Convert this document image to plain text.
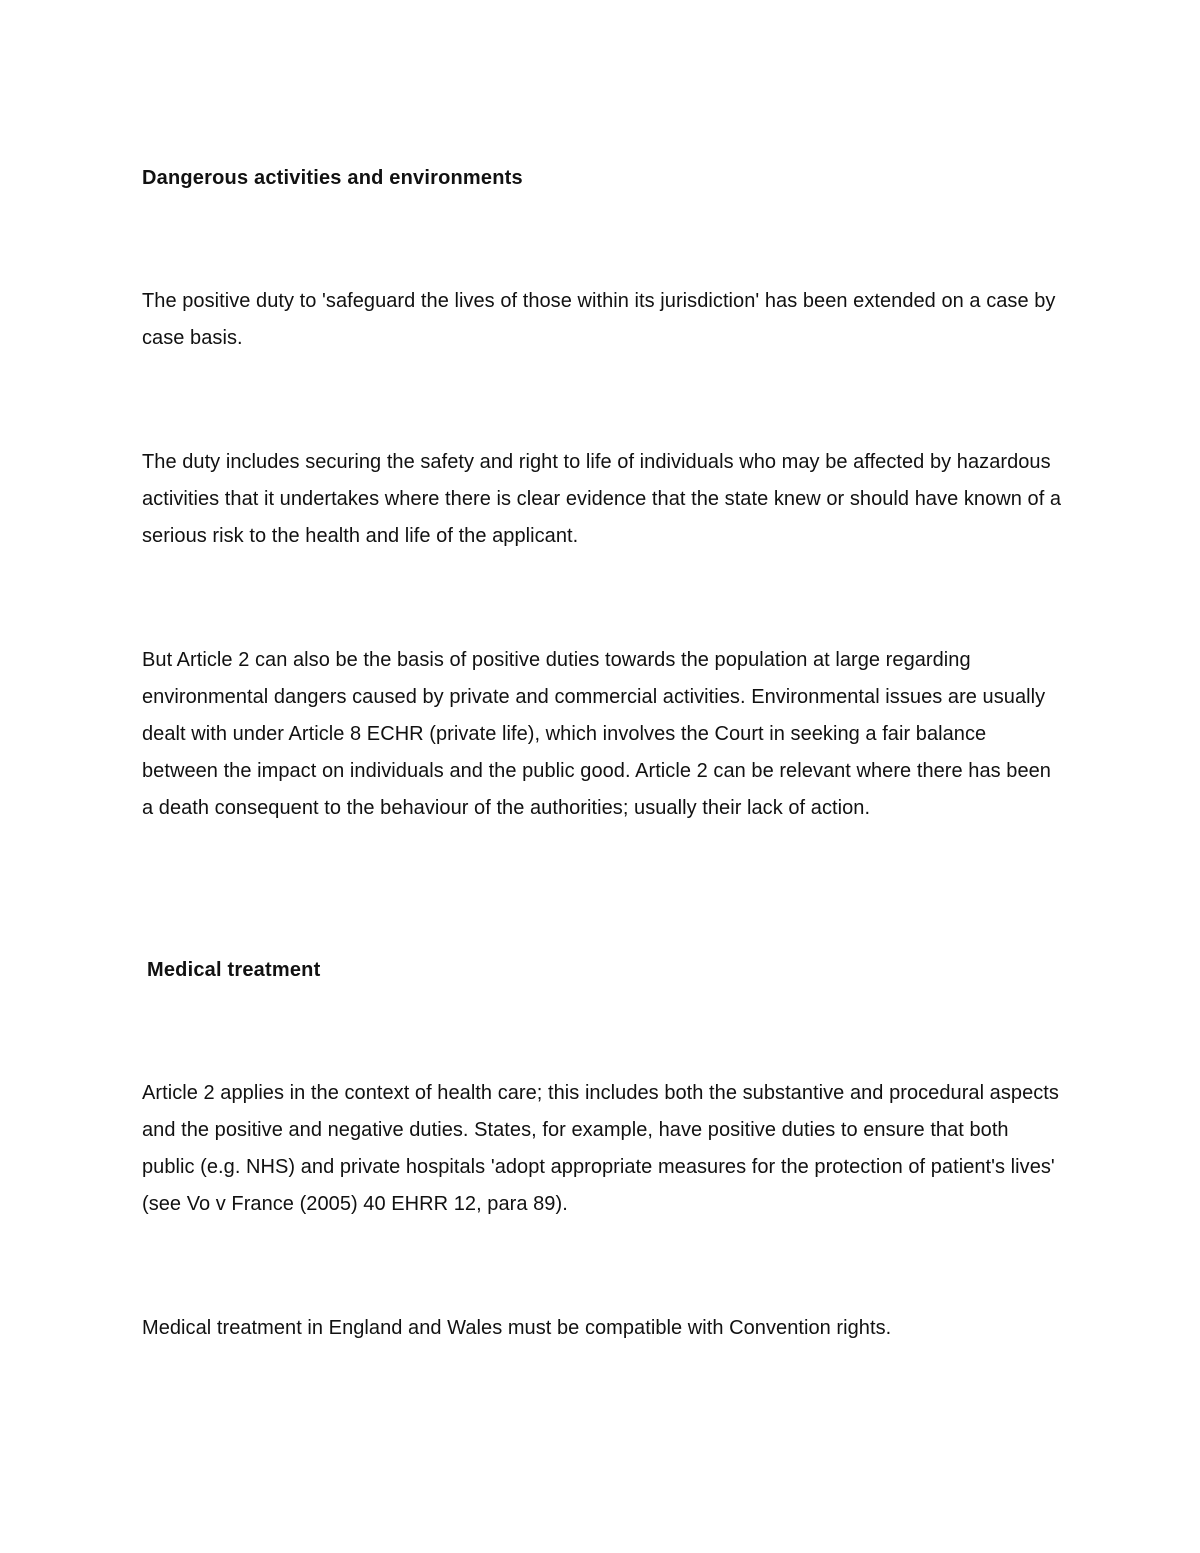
Dangerous activities and environments

The positive duty to 'safeguard the lives of those within its jurisdiction' has been extended on a case by case basis.

The duty includes securing the safety and right to life of individuals who may be affected by hazardous activities that it undertakes where there is clear evidence that the state knew or should have known of a serious risk to the health and life of the applicant.

But Article 2 can also be the basis of positive duties towards the population at large regarding environmental dangers caused by private and commercial activities. Environmental issues are usually dealt with under Article 8 ECHR (private life), which involves the Court in seeking a fair balance between the impact on individuals and the public good. Article 2 can be relevant where there has been a death consequent to the behaviour of the authorities; usually their lack of action.

Medical treatment

Article 2 applies in the context of health care; this includes both the substantive and procedural aspects and the positive and negative duties. States, for example, have positive duties to ensure that both public (e.g. NHS) and private hospitals 'adopt appropriate measures for the protection of patient's lives' (see Vo v France (2005) 40 EHRR 12, para 89).

Medical treatment in England and Wales must be compatible with Convention rights.
